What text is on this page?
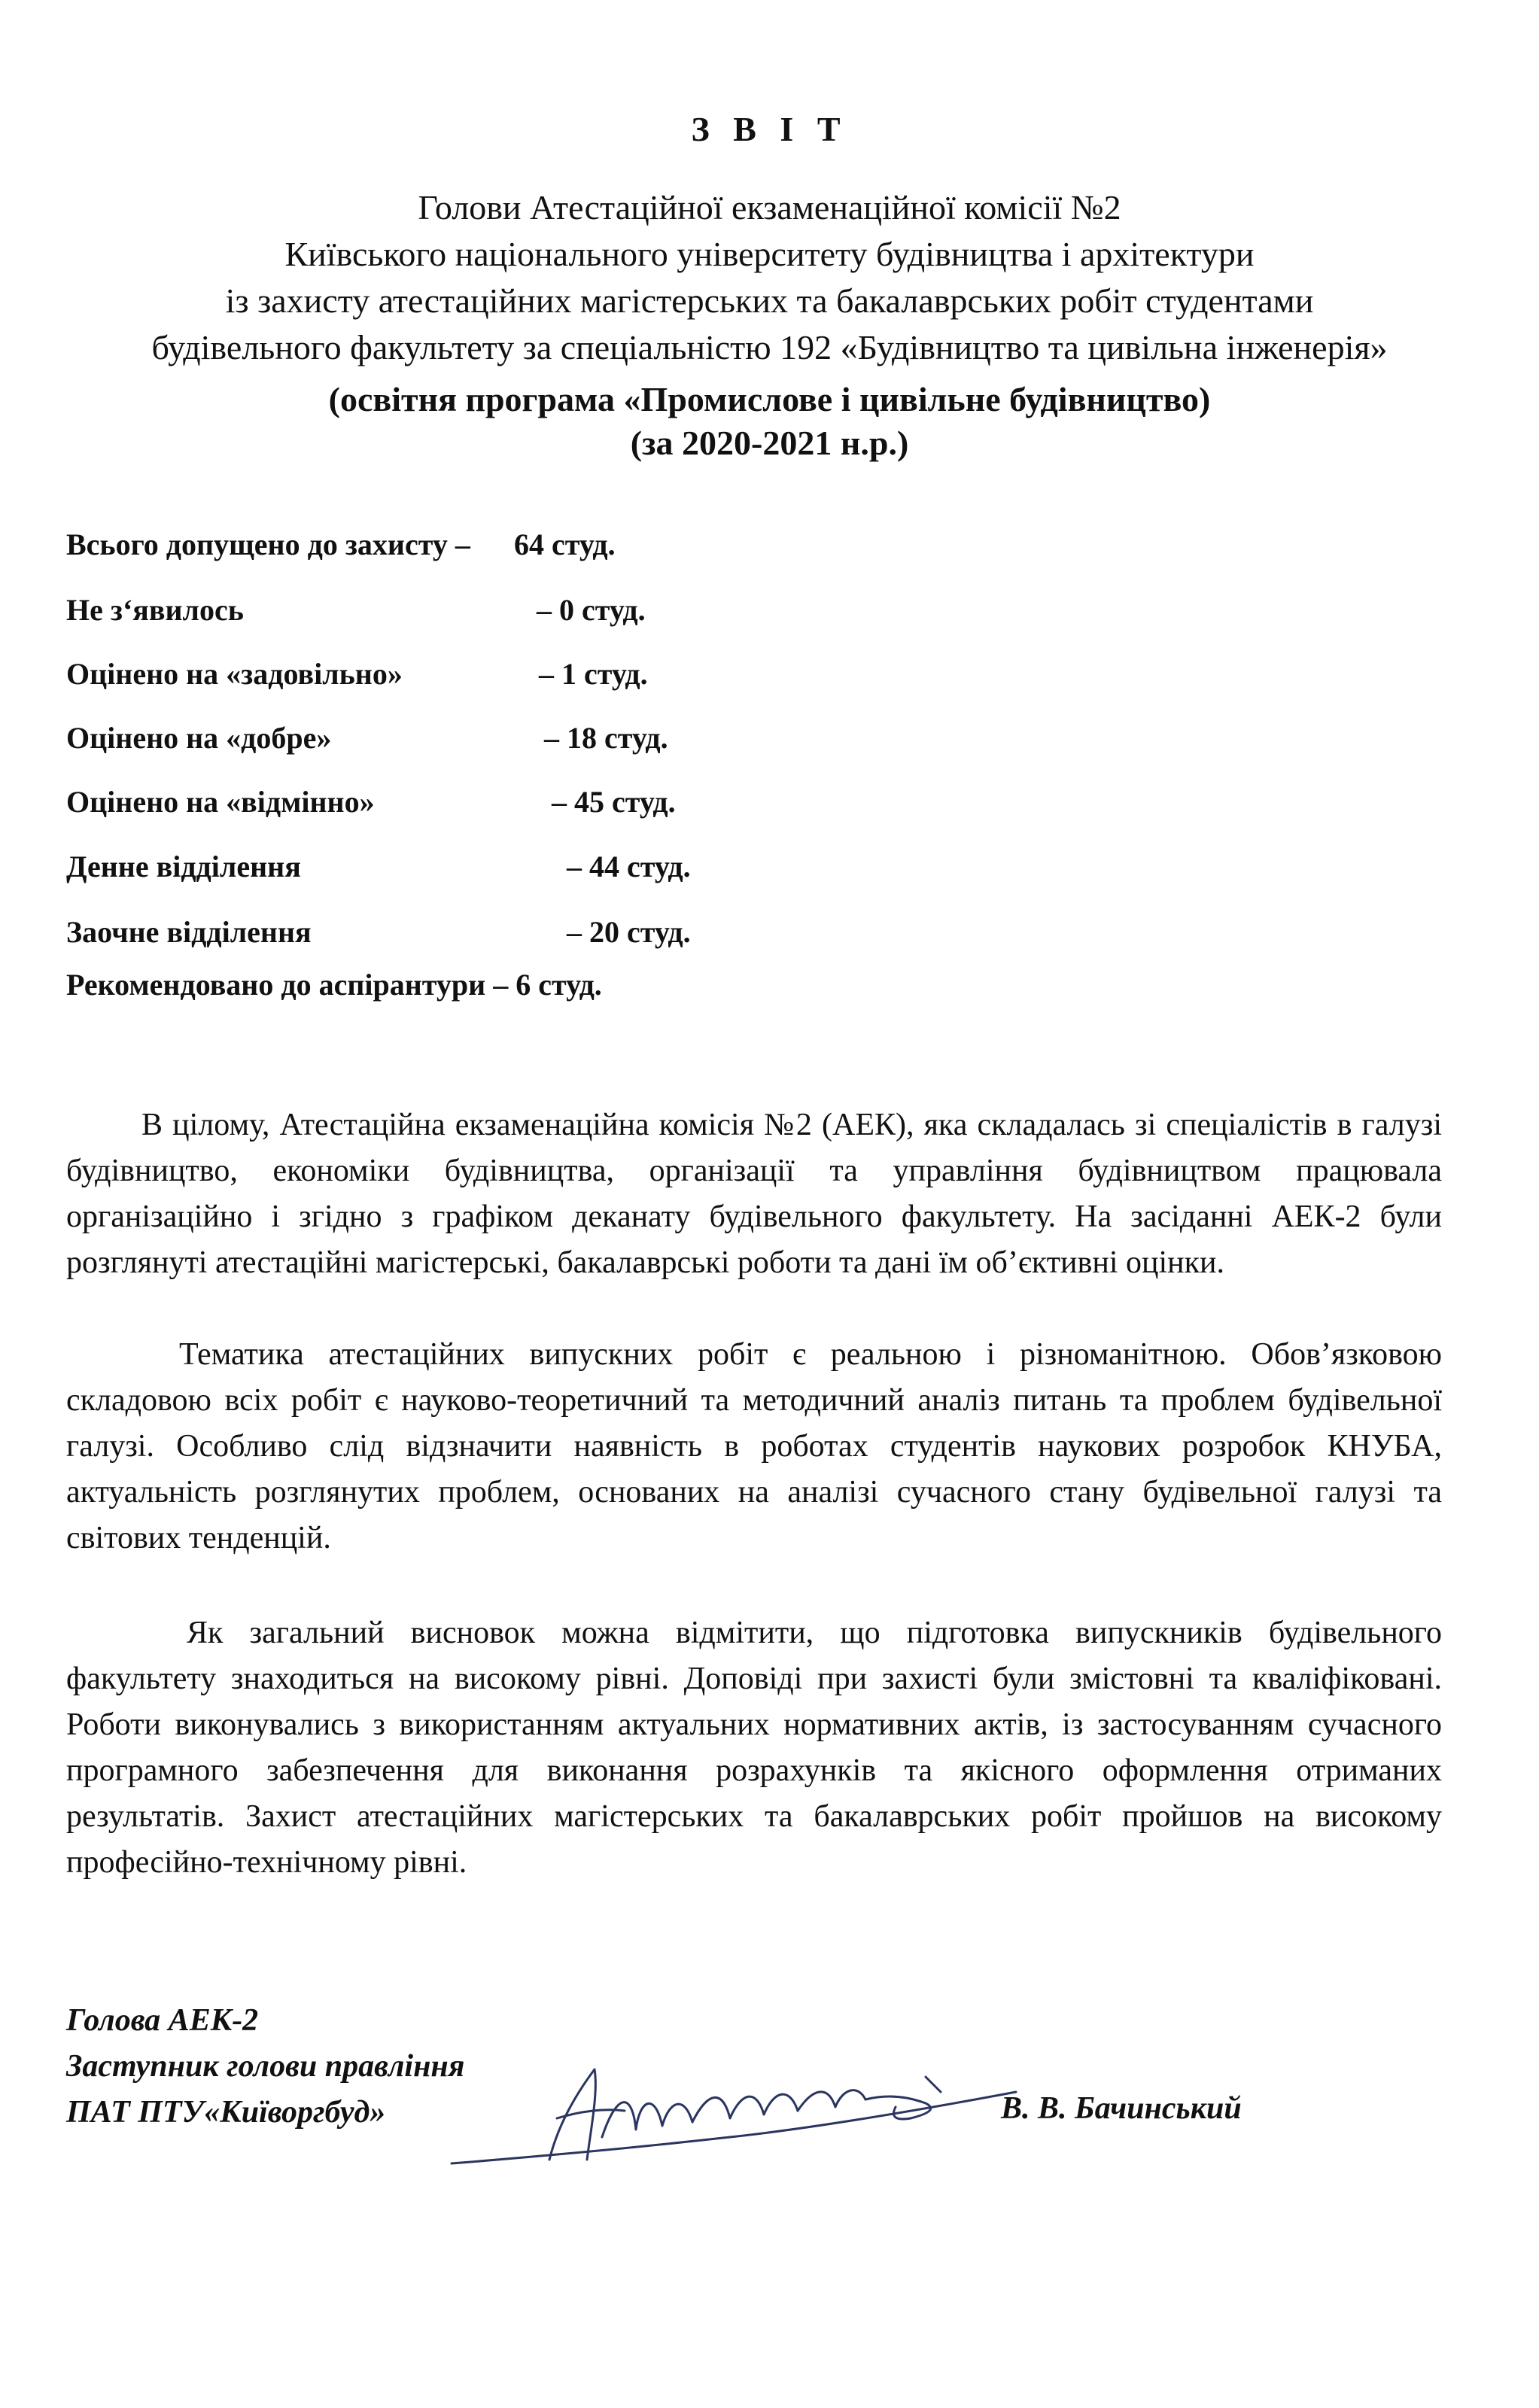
З В І Т
Голови Атестаційної екзаменаційної комісії №2
Київського національного університету будівництва і архітектури
із захисту атестаційних магістерських та бакалаврських робіт студентами
будівельного факультету за спеціальністю 192 «Будівництво та цивільна інженерія»
(освітня програма «Промислове і цивільне будівництво)
(за 2020-2021 н.р.)
Всього допущено до захисту – 64 студ.
Не з‘явилось	– 0 студ.
Оцінено на «задовільно»	– 1 студ.
Оцінено на «добре»	– 18 студ.
Оцінено на «відмінно»	– 45 студ.
Денне відділення	– 44 студ.
Заочне відділення	– 20 студ.
Рекомендовано до аспірантури – 6 студ.
В цілому, Атестаційна екзаменаційна комісія №2 (АЕК), яка складалась зі спеціалістів в галузі будівництво, економіки будівництва, організації та управління будівництвом працювала організаційно і згідно з графіком деканату будівельного факультету. На засіданні АЕК-2 були розглянуті атестаційні магістерські, бакалаврські роботи та дані їм об’єктивні оцінки.
Тематика атестаційних випускних робіт є реальною і різноманітною. Обов’язковою складовою всіх робіт є науково-теоретичний та методичний аналіз питань та проблем будівельної галузі. Особливо слід відзначити наявність в роботах студентів наукових розробок КНУБА, актуальність розглянутих проблем, основаних на аналізі сучасного стану будівельної галузі та світових тенденцій.
Як загальний висновок можна відмітити, що підготовка випускників будівельного факультету знаходиться на високому рівні. Доповіді при захисті були змістовні та кваліфіковані. Роботи виконувались з використанням актуальних нормативних актів, із застосуванням сучасного програмного забезпечення для виконання розрахунків та якісного оформлення отриманих результатів. Захист атестаційних магістерських та бакалаврських робіт пройшов на високому професійно-технічному рівні.
Голова АЕК-2
Заступник голови правління
ПАТ ПТУ«Київоргбуд»	В. В. Бачинський
